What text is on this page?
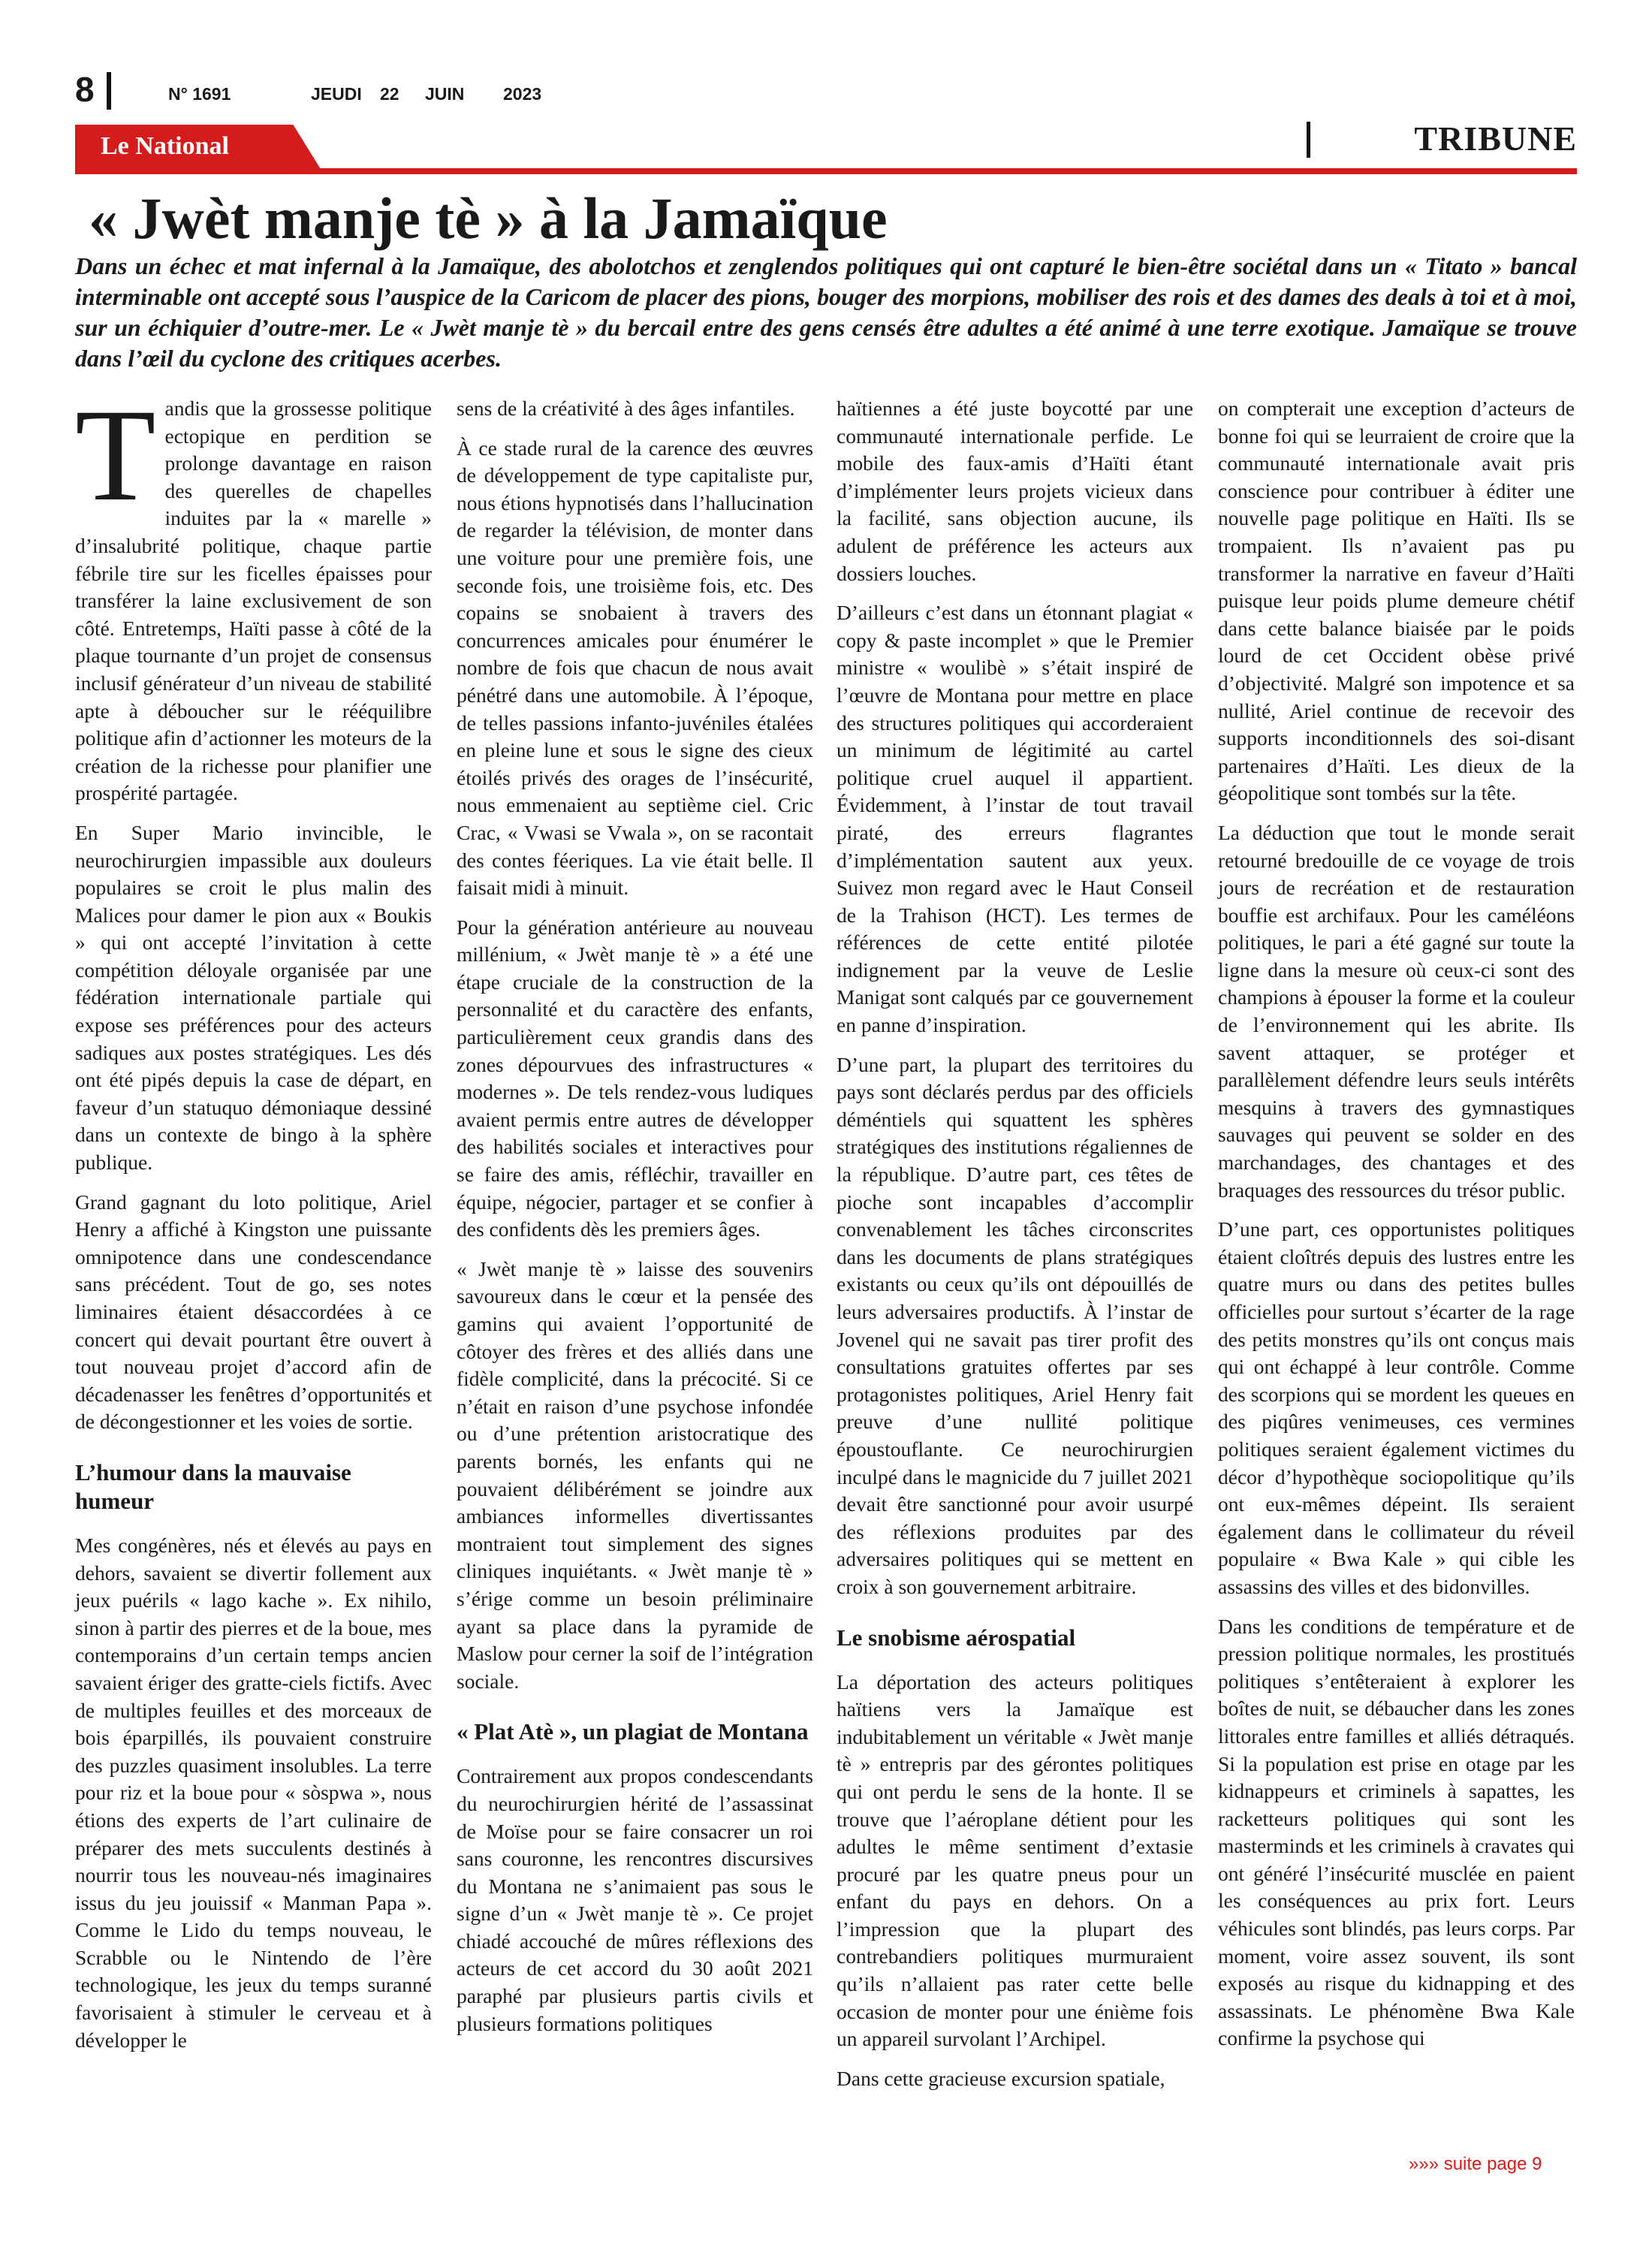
8	N° 1691	JEUDI 22 JUIN 2023
Le National	TRIBUNE
« Jwèt manje tè » à la Jamaïque
Dans un échec et mat infernal à la Jamaïque, des abolotchos et zenglendos politiques qui ont capturé le bien-être sociétal dans un « Titato » bancal interminable ont accepté sous l’auspice de la Caricom de placer des pions, bouger des morpions, mobiliser des rois et des dames des deals à toi et à moi, sur un échiquier d’outre-mer. Le « Jwèt manje tè » du bercail entre des gens censés être adultes a été animé à une terre exotique. Jamaïque se trouve dans l’œil du cyclone des critiques acerbes.

Tandis que la grossesse politique ectopique en perdition se prolonge davantage en raison des querelles de chapelles induites par la « marelle » d’insalubrité politique, chaque partie fébrile tire sur les ficelles épaisses pour transférer la laine exclusivement de son côté. Entretemps, Haïti passe à côté de la plaque tournante d’un projet de consensus inclusif générateur d’un niveau de stabilité apte à déboucher sur le rééquilibre politique afin d’actionner les moteurs de la création de la richesse pour planifier une prospérité partagée.

En Super Mario invincible, le neurochirurgien impassible aux douleurs populaires se croit le plus malin des Malices pour damer le pion aux « Boukis » qui ont accepté l’invitation à cette compétition déloyale organisée par une fédération internationale partiale qui expose ses préférences pour des acteurs sadiques aux postes stratégiques. Les dés ont été pipés depuis la case de départ, en faveur d’un statuquo démoniaque dessiné dans un contexte de bingo à la sphère publique.

Grand gagnant du loto politique, Ariel Henry a affiché à Kingston une puissante omnipotence dans une condescendance sans précédent. Tout de go, ses notes liminaires étaient désaccordées à ce concert qui devait pourtant être ouvert à tout nouveau projet d’accord afin de décadenasser les fenêtres d’opportunités et de décongestionner et les voies de sortie.

L’humour dans la mauvaise humeur

Mes congénères, nés et élevés au pays en dehors, savaient se divertir follement aux jeux puérils « lago kache ». Ex nihilo, sinon à partir des pierres et de la boue, mes contemporains d’un certain temps ancien savaient ériger des gratte-ciels fictifs. Avec de multiples feuilles et des morceaux de bois éparpillés, ils pouvaient construire des puzzles quasiment insolubles. La terre pour riz et la boue pour « sòspwa », nous étions des experts de l’art culinaire de préparer des mets succulents destinés à nourrir tous les nouveau-nés imaginaires issus du jeu jouissif « Manman Papa ». Comme le Lido du temps nouveau, le Scrabble ou le Nintendo de l’ère technologique, les jeux du temps suranné favorisaient à stimuler le cerveau et à développer le

sens de la créativité à des âges infantiles.

À ce stade rural de la carence des œuvres de développement de type capitaliste pur, nous étions hypnotisés dans l’hallucination de regarder la télévision, de monter dans une voiture pour une première fois, une seconde fois, une troisième fois, etc. Des copains se snobaient à travers des concurrences amicales pour énumérer le nombre de fois que chacun de nous avait pénétré dans une automobile. À l’époque, de telles passions infanto-juvéniles étalées en pleine lune et sous le signe des cieux étoilés privés des orages de l’insécurité, nous emmenaient au septième ciel. Cric Crac, « Vwasi se Vwala », on se racontait des contes féeriques. La vie était belle. Il faisait midi à minuit.

Pour la génération antérieure au nouveau millénium, « Jwèt manje tè » a été une étape cruciale de la construction de la personnalité et du caractère des enfants, particulièrement ceux grandis dans des zones dépourvues des infrastructures « modernes ». De tels rendez-vous ludiques avaient permis entre autres de développer des habilités sociales et interactives pour se faire des amis, réfléchir, travailler en équipe, négocier, partager et se confier à des confidents dès les premiers âges.

« Jwèt manje tè » laisse des souvenirs savoureux dans le cœur et la pensée des gamins qui avaient l’opportunité de côtoyer des frères et des alliés dans une fidèle complicité, dans la précocité. Si ce n’était en raison d’une psychose infondée ou d’une prétention aristocratique des parents bornés, les enfants qui ne pouvaient délibérément se joindre aux ambiances informelles divertissantes montraient tout simplement des signes cliniques inquiétants. « Jwèt manje tè » s’érige comme un besoin préliminaire ayant sa place dans la pyramide de Maslow pour cerner la soif de l’intégration sociale.

« Plat Atè », un plagiat de Montana

Contrairement aux propos condescendants du neurochirurgien hérité de l’assassinat de Moïse pour se faire consacrer un roi sans couronne, les rencontres discursives du Montana ne s’animaient pas sous le signe d’un « Jwèt manje tè ». Ce projet chiadé accouché de mûres réflexions des acteurs de cet accord du 30 août 2021 paraphé par plusieurs partis civils et plusieurs formations politiques

haïtiennes a été juste boycotté par une communauté internationale perfide. Le mobile des faux-amis d’Haïti étant d’implémenter leurs projets vicieux dans la facilité, sans objection aucune, ils adulent de préférence les acteurs aux dossiers louches.

D’ailleurs c’est dans un étonnant plagiat « copy & paste incomplet » que le Premier ministre « woulibè » s’était inspiré de l’œuvre de Montana pour mettre en place des structures politiques qui accorderaient un minimum de légitimité au cartel politique cruel auquel il appartient. Évidemment, à l’instar de tout travail piraté, des erreurs flagrantes d’implémentation sautent aux yeux. Suivez mon regard avec le Haut Conseil de la Trahison (HCT). Les termes de références de cette entité pilotée indignement par la veuve de Leslie Manigat sont calqués par ce gouvernement en panne d’inspiration.

D’une part, la plupart des territoires du pays sont déclarés perdus par des officiels déméntiels qui squattent les sphères stratégiques des institutions régaliennes de la république. D’autre part, ces têtes de pioche sont incapables d’accomplir convenablement les tâches circonscrites dans les documents de plans stratégiques existants ou ceux qu’ils ont dépouillés de leurs adversaires productifs. À l’instar de Jovenel qui ne savait pas tirer profit des consultations gratuites offertes par ses protagonistes politiques, Ariel Henry fait preuve d’une nullité politique époustouflante. Ce neurochirurgien inculpé dans le magnicide du 7 juillet 2021 devait être sanctionné pour avoir usurpé des réflexions produites par des adversaires politiques qui se mettent en croix à son gouvernement arbitraire.

Le snobisme aérospatial

La déportation des acteurs politiques haïtiens vers la Jamaïque est indubitablement un véritable « Jwèt manje tè » entrepris par des gérontes politiques qui ont perdu le sens de la honte. Il se trouve que l’aéroplane détient pour les adultes le même sentiment d’extasie procuré par les quatre pneus pour un enfant du pays en dehors. On a l’impression que la plupart des contrebandiers politiques murmuraient qu’ils n’allaient pas rater cette belle occasion de monter pour une énième fois un appareil survolant l’Archipel.

Dans cette gracieuse excursion spatiale,

on compterait une exception d’acteurs de bonne foi qui se leurraient de croire que la communauté internationale avait pris conscience pour contribuer à éditer une nouvelle page politique en Haïti. Ils se trompaient. Ils n’avaient pas pu transformer la narrative en faveur d’Haïti puisque leur poids plume demeure chétif dans cette balance biaisée par le poids lourd de cet Occident obèse privé d’objectivité. Malgré son impotence et sa nullité, Ariel continue de recevoir des supports inconditionnels des soi-disant partenaires d’Haïti. Les dieux de la géopolitique sont tombés sur la tête.

La déduction que tout le monde serait retourné bredouille de ce voyage de trois jours de recréation et de restauration bouffie est archifaux. Pour les caméléons politiques, le pari a été gagné sur toute la ligne dans la mesure où ceux-ci sont des champions à épouser la forme et la couleur de l’environnement qui les abrite. Ils savent attaquer, se protéger et parallèlement défendre leurs seuls intérêts mesquins à travers des gymnastiques sauvages qui peuvent se solder en des marchandages, des chantages et des braquages des ressources du trésor public.

D’une part, ces opportunistes politiques étaient cloîtrés depuis des lustres entre les quatre murs ou dans des petites bulles officielles pour surtout s’écarter de la rage des petits monstres qu’ils ont conçus mais qui ont échappé à leur contrôle. Comme des scorpions qui se mordent les queues en des piqûres venimeuses, ces vermines politiques seraient également victimes du décor d’hypothèque sociopolitique qu’ils ont eux-mêmes dépeint. Ils seraient également dans le collimateur du réveil populaire « Bwa Kale » qui cible les assassins des villes et des bidonvilles.

Dans les conditions de température et de pression politique normales, les prostitués politiques s’entêteraient à explorer les boîtes de nuit, se débaucher dans les zones littorales entre familles et alliés détraqués. Si la population est prise en otage par les kidnappeurs et criminels à sapattes, les racketteurs politiques qui sont les masterminds et les criminels à cravates qui ont généré l’insécurité musclée en paient les conséquences au prix fort. Leurs véhicules sont blindés, pas leurs corps. Par moment, voire assez souvent, ils sont exposés au risque du kidnapping et des assassinats. Le phénomène Bwa Kale confirme la psychose qui

»»» suite page 9
